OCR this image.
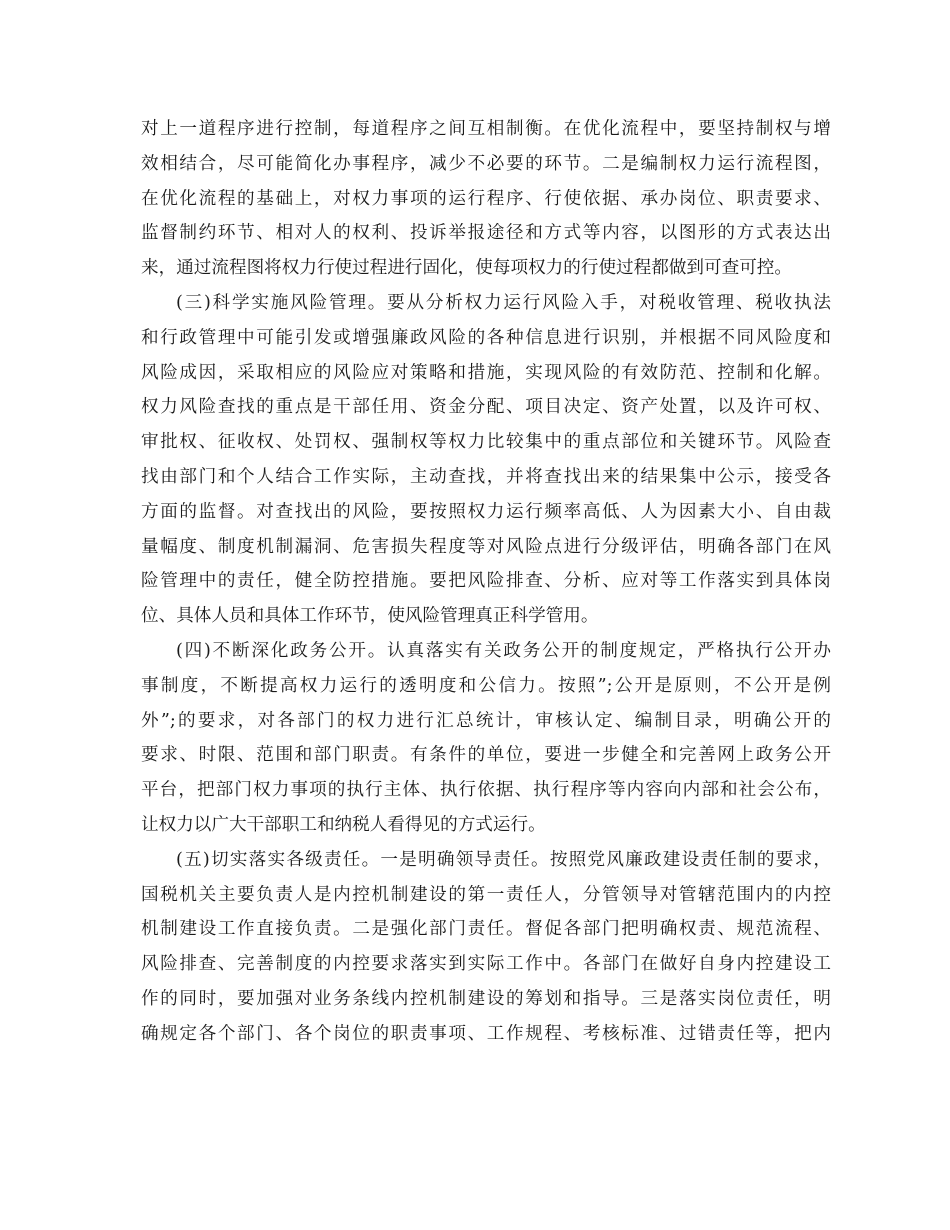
对上一道程序进行控制，每道程序之间互相制衡。在优化流程中，要坚持制权与增
效相结合，尽可能简化办事程序，减少不必要的环节。二是编制权力运行流程图，
在优化流程的基础上，对权力事项的运行程序、行使依据、承办岗位、职责要求、
监督制约环节、相对人的权利、投诉举报途径和方式等内容，以图形的方式表达出
来，通过流程图将权力行使过程进行固化，使每项权力的行使过程都做到可查可控。
(三)科学实施风险管理。要从分析权力运行风险入手，对税收管理、税收执法
和行政管理中可能引发或增强廉政风险的各种信息进行识别，并根据不同风险度和
风险成因，采取相应的风险应对策略和措施，实现风险的有效防范、控制和化解。
权力风险查找的重点是干部任用、资金分配、项目决定、资产处置，以及许可权、
审批权、征收权、处罚权、强制权等权力比较集中的重点部位和关键环节。风险查
找由部门和个人结合工作实际，主动查找，并将查找出来的结果集中公示，接受各
方面的监督。对查找出的风险，要按照权力运行频率高低、人为因素大小、自由裁
量幅度、制度机制漏洞、危害损失程度等对风险点进行分级评估，明确各部门在风
险管理中的责任，健全防控措施。要把风险排查、分析、应对等工作落实到具体岗
位、具体人员和具体工作环节，使风险管理真正科学管用。
(四)不断深化政务公开。认真落实有关政务公开的制度规定，严格执行公开办
事制度，不断提高权力运行的透明度和公信力。按照”;公开是原则，不公开是例
外”;的要求，对各部门的权力进行汇总统计，审核认定、编制目录，明确公开的
要求、时限、范围和部门职责。有条件的单位，要进一步健全和完善网上政务公开
平台，把部门权力事项的执行主体、执行依据、执行程序等内容向内部和社会公布，
让权力以广大干部职工和纳税人看得见的方式运行。
(五)切实落实各级责任。一是明确领导责任。按照党风廉政建设责任制的要求，
国税机关主要负责人是内控机制建设的第一责任人，分管领导对管辖范围内的内控
机制建设工作直接负责。二是强化部门责任。督促各部门把明确权责、规范流程、
风险排查、完善制度的内控要求落实到实际工作中。各部门在做好自身内控建设工
作的同时，要加强对业务条线内控机制建设的筹划和指导。三是落实岗位责任，明
确规定各个部门、各个岗位的职责事项、工作规程、考核标准、过错责任等，把内
